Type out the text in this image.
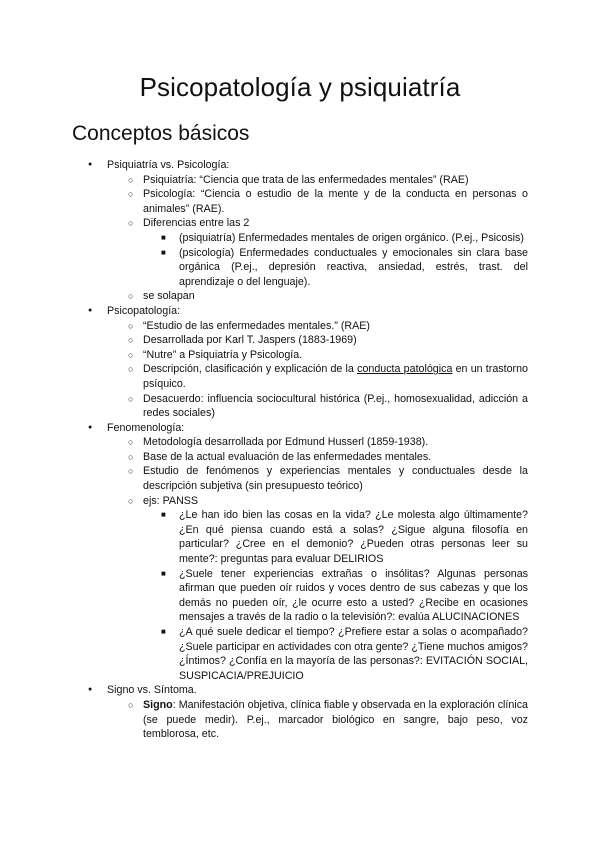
Psicopatología y psiquiatría
Conceptos básicos
● Psiquiatría vs. Psicología:
○ Psiquiatría: “Ciencia que trata de las enfermedades mentales” (RAE)
○ Psicología: “Ciencia o estudio de la mente y de la conducta en personas o animales” (RAE).
○ Diferencias entre las 2
■ (psiquiatría) Enfermedades mentales de origen orgánico. (P.ej., Psicosis)
■ (psicología) Enfermedades conductuales y emocionales sin clara base orgánica (P.ej., depresión reactiva, ansiedad, estrés, trast. del aprendizaje o del lenguaje).
○ se solapan
● Psicopatología:
○ “Estudio de las enfermedades mentales.” (RAE)
○ Desarrollada por Karl T. Jaspers (1883-1969)
○ “Nutre” a Psiquiatría y Psicología.
○ Descripción, clasificación y explicación de la conducta patológica en un trastorno psíquico.
○ Desacuerdo: influencia sociocultural histórica (P.ej., homosexualidad, adicción a redes sociales)
● Fenomenología:
○ Metodología desarrollada por Edmund Husserl (1859-1938).
○ Base de la actual evaluación de las enfermedades mentales.
○ Estudio de fenómenos y experiencias mentales y conductuales desde la descripción subjetiva (sin presupuesto teórico)
○ ejs: PANSS
■ ¿Le han ido bien las cosas en la vida? ¿Le molesta algo últimamente? ¿En qué piensa cuando está a solas? ¿Sigue alguna filosofía en particular? ¿Cree en el demonio? ¿Pueden otras personas leer su mente?: preguntas para evaluar DELIRIOS
■ ¿Suele tener experiencias extrañas o insólitas? Algunas personas afirman que pueden oír ruidos y voces dentro de sus cabezas y que los demás no pueden oír, ¿le ocurre esto a usted? ¿Recibe en ocasiones mensajes a través de la radio o la televisión?: evalúa ALUCINACIONES
■ ¿A qué suele dedicar el tiempo? ¿Prefiere estar a solas o acompañado? ¿Suele participar en actividades con otra gente? ¿Tiene muchos amigos? ¿Íntimos? ¿Confía en la mayoría de las personas?: EVITACIÓN SOCIAL, SUSPICACIA/PREJUICIO
● Signo vs. Síntoma.
○ Signo: Manifestación objetiva, clínica fiable y observada en la exploración clínica (se puede medir). P.ej., marcador biológico en sangre, bajo peso, voz temblorosa, etc.
